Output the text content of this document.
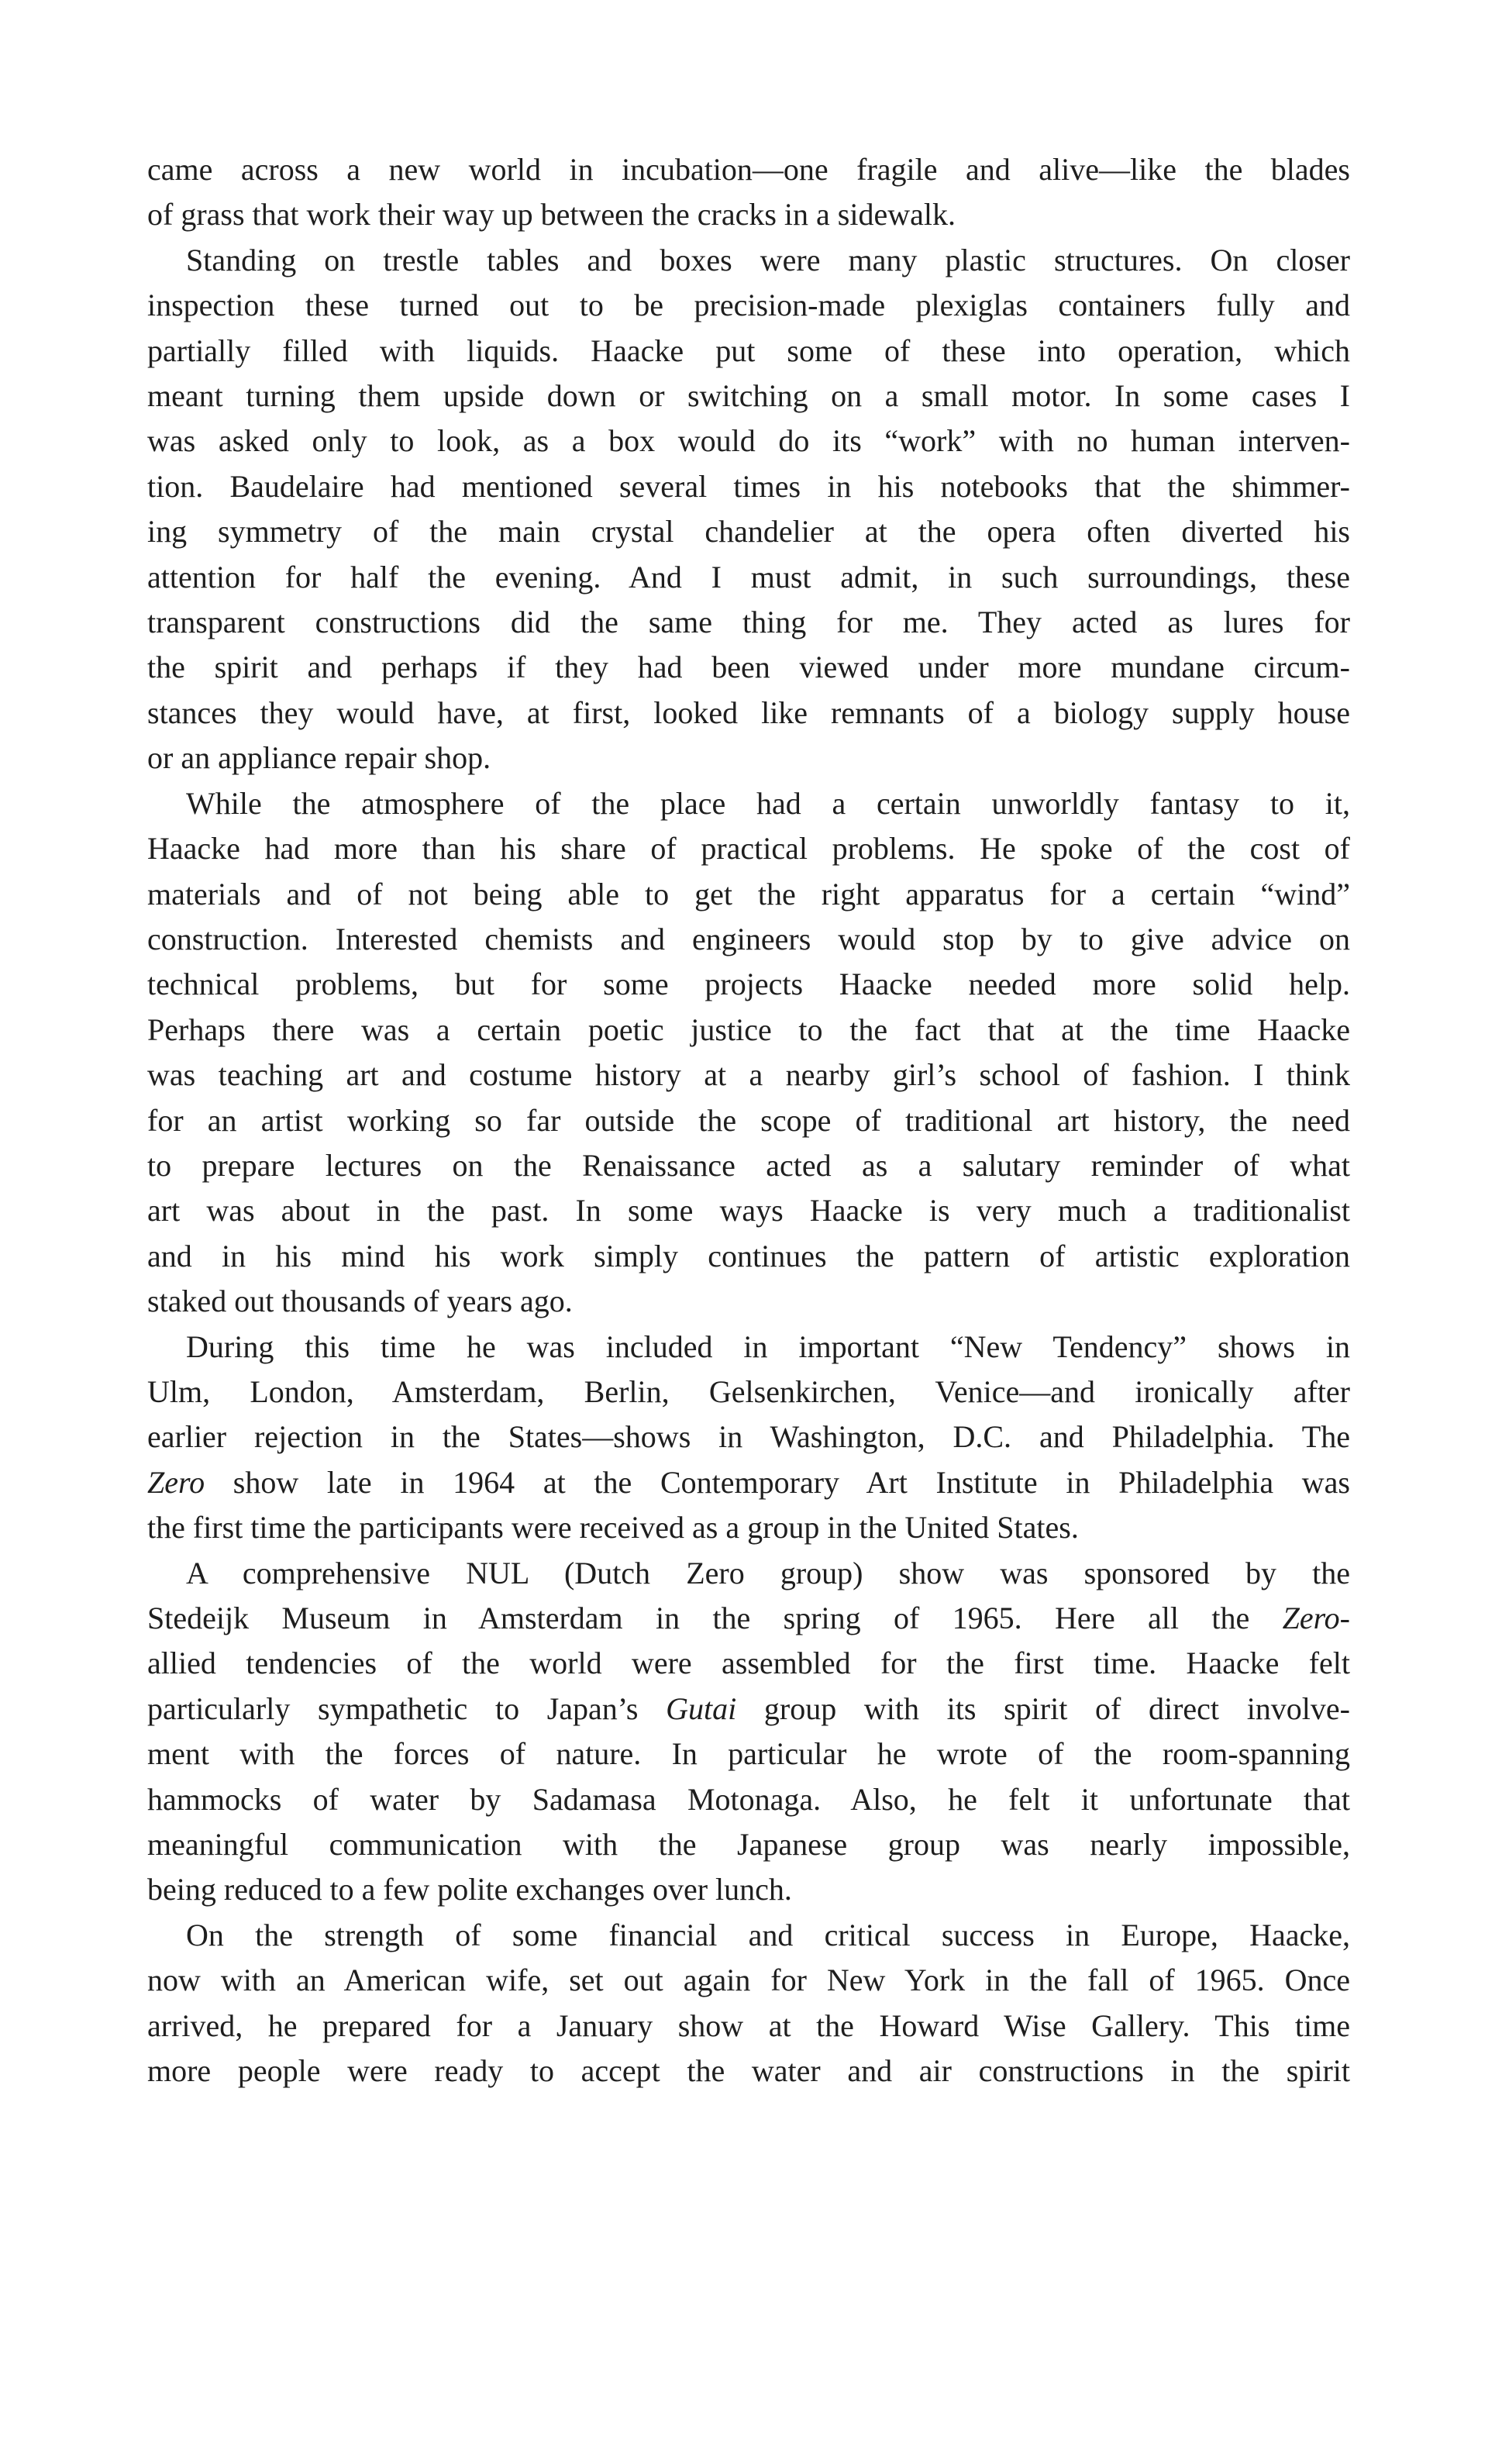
came across a new world in incubation—one fragile and alive—like the blades
of grass that work their way up between the cracks in a sidewalk.
Standing on trestle tables and boxes were many plastic structures. On closer
inspection these turned out to be precision-made plexiglas containers fully and
partially filled with liquids. Haacke put some of these into operation, which
meant turning them upside down or switching on a small motor. In some cases I
was asked only to look, as a box would do its “work” with no human interven-
tion. Baudelaire had mentioned several times in his notebooks that the shimmer-
ing symmetry of the main crystal chandelier at the opera often diverted his
attention for half the evening. And I must admit, in such surroundings, these
transparent constructions did the same thing for me. They acted as lures for
the spirit and perhaps if they had been viewed under more mundane circum-
stances they would have, at first, looked like remnants of a biology supply house
or an appliance repair shop.
While the atmosphere of the place had a certain unworldly fantasy to it,
Haacke had more than his share of practical problems. He spoke of the cost of
materials and of not being able to get the right apparatus for a certain “wind”
construction. Interested chemists and engineers would stop by to give advice on
technical problems, but for some projects Haacke needed more solid help.
Perhaps there was a certain poetic justice to the fact that at the time Haacke
was teaching art and costume history at a nearby girl’s school of fashion. I think
for an artist working so far outside the scope of traditional art history, the need
to prepare lectures on the Renaissance acted as a salutary reminder of what
art was about in the past. In some ways Haacke is very much a traditionalist
and in his mind his work simply continues the pattern of artistic exploration
staked out thousands of years ago.
During this time he was included in important “New Tendency” shows in
Ulm, London, Amsterdam, Berlin, Gelsenkirchen, Venice—and ironically after
earlier rejection in the States—shows in Washington, D.C. and Philadelphia. The
Zero show late in 1964 at the Contemporary Art Institute in Philadelphia was
the first time the participants were received as a group in the United States.
A comprehensive NUL (Dutch Zero group) show was sponsored by the
Stedeijk Museum in Amsterdam in the spring of 1965. Here all the Zero-
allied tendencies of the world were assembled for the first time. Haacke felt
particularly sympathetic to Japan’s Gutai group with its spirit of direct involve-
ment with the forces of nature. In particular he wrote of the room-spanning
hammocks of water by Sadamasa Motonaga. Also, he felt it unfortunate that
meaningful communication with the Japanese group was nearly impossible,
being reduced to a few polite exchanges over lunch.
On the strength of some financial and critical success in Europe, Haacke,
now with an American wife, set out again for New York in the fall of 1965. Once
arrived, he prepared for a January show at the Howard Wise Gallery. This time
more people were ready to accept the water and air constructions in the spirit
